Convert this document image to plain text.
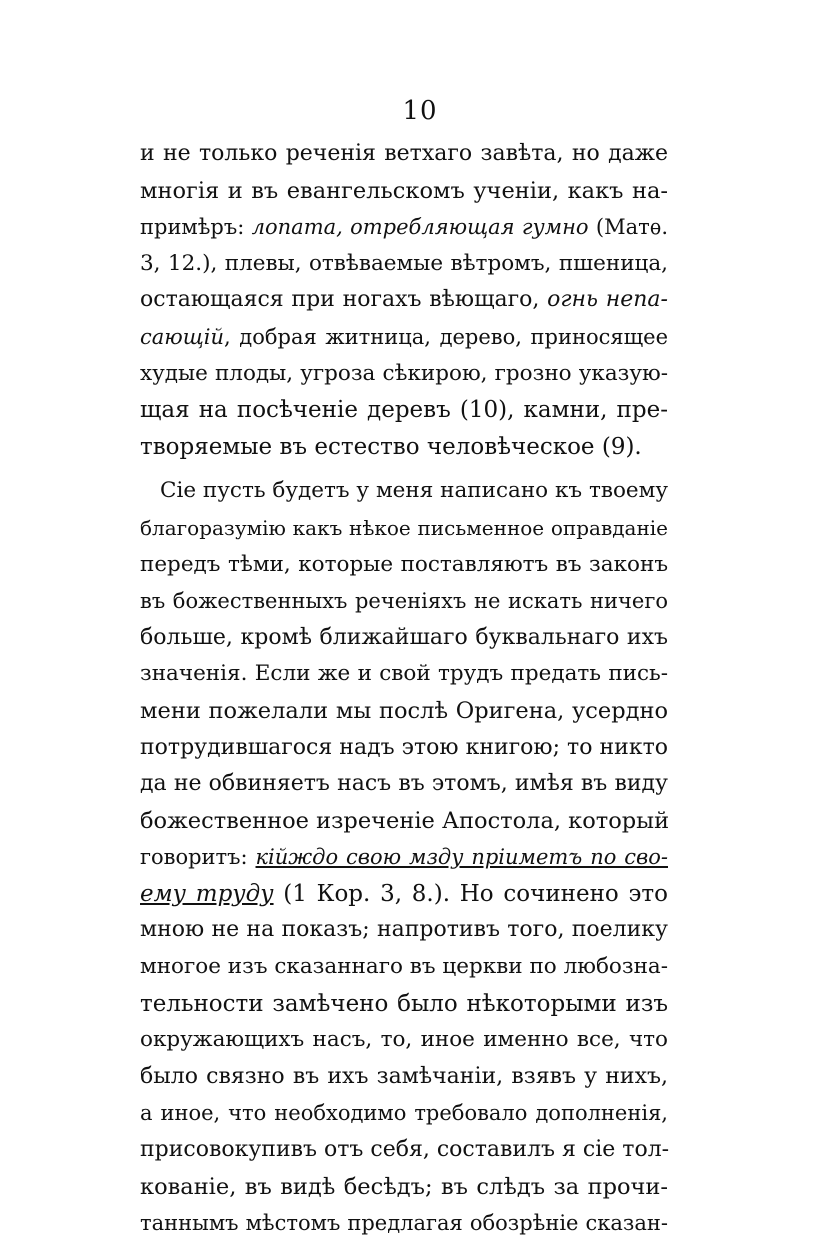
10
и не только реченія ветхаго завѣта, но даже
многія и въ евангельскомъ ученіи, какъ на-
примѣръ: лопата, отребляющая гумно (Матѳ.
3, 12.), плевы, отвѣваемые вѣтромъ, пшеница,
остающаяся при ногахъ вѣющаго, огнь непа-
сающій, добрая житница, дерево, приносящее
худые плоды, угроза сѣкирою, грозно указую-
щая на посѣченіе деревъ (10), камни, пре-
творяемые въ естество человѣческое (9).
Сіе пусть будетъ у меня написано къ твоему
благоразумію какъ нѣкое письменное оправданіе
передъ тѣми, которые поставляютъ въ законъ
въ божественныхъ реченіяхъ не искать ничего
больше, кромѣ ближайшаго буквальнаго ихъ
значенія. Если же и свой трудъ предать пись-
мени пожелали мы послѣ Оригена, усердно
потрудившагося надъ этою книгою; то никто
да не обвиняетъ насъ въ этомъ, имѣя въ виду
божественное изреченіе Апостола, который
говоритъ: кійждо свою мзду пріиметъ по сво-
ему труду (1 Кор. 3, 8.). Но сочинено это
мною не на показъ; напротивъ того, поелику
многое изъ сказаннаго въ церкви по любозна-
тельности замѣчено было нѣкоторыми изъ
окружающихъ насъ, то, иное именно все, что
было связно въ ихъ замѣчаніи, взявъ у нихъ,
а иное, что необходимо требовало дополненія,
присовокупивъ отъ себя, составилъ я сіе тол-
кованіе, въ видѣ бесѣдъ; въ слѣдъ за прочи-
таннымъ мѣстомъ предлагая обозрѣніе сказан-
